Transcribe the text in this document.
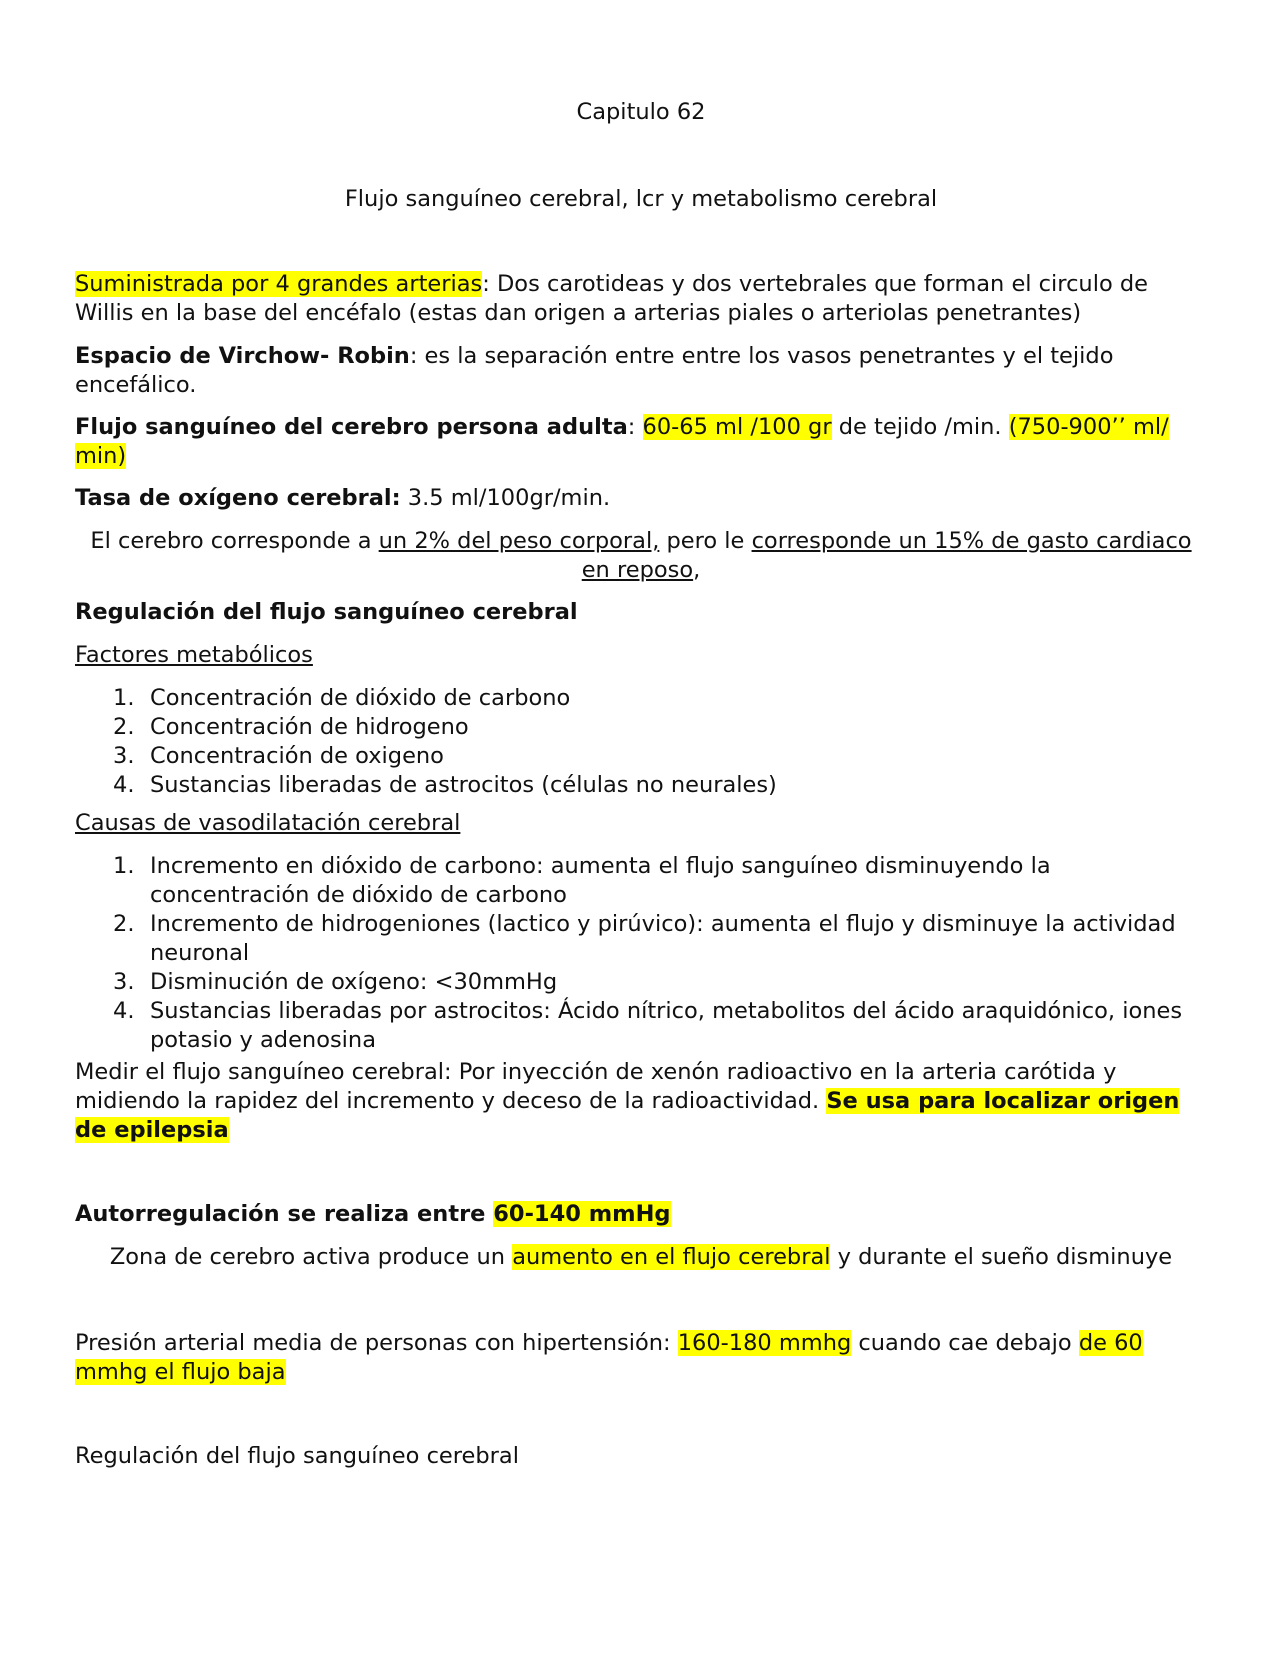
Capitulo 62

Flujo sanguíneo cerebral, lcr y metabolismo cerebral

Suministrada por 4 grandes arterias: Dos carotideas y dos vertebrales que forman el circulo de Willis en la base del encéfalo (estas dan origen a arterias piales o arteriolas penetrantes)

Espacio de Virchow- Robin: es la separación entre entre los vasos penetrantes y el tejido encefálico.

Flujo sanguíneo del cerebro persona adulta: 60-65 ml /100 gr de tejido /min. (750-900’’ ml/ min)

Tasa de oxígeno cerebral: 3.5 ml/100gr/min.

El cerebro corresponde a un 2% del peso corporal, pero le corresponde un 15% de gasto cardiaco en reposo,

Regulación del flujo sanguíneo cerebral

Factores metabólicos

1. Concentración de dióxido de carbono
2. Concentración de hidrogeno
3. Concentración de oxigeno
4. Sustancias liberadas de astrocitos (células no neurales)

Causas de vasodilatación cerebral

1. Incremento en dióxido de carbono: aumenta el flujo sanguíneo disminuyendo la concentración de dióxido de carbono
2. Incremento de hidrogeniones (lactico y pirúvico): aumenta el flujo y disminuye la actividad neuronal
3. Disminución de oxígeno: <30mmHg
4. Sustancias liberadas por astrocitos: Ácido nítrico, metabolitos del ácido araquidónico, iones potasio y adenosina

Medir el flujo sanguíneo cerebral: Por inyección de xenón radioactivo en la arteria carótida y midiendo la rapidez del incremento y deceso de la radioactividad. Se usa para localizar origen de epilepsia

Autorregulación se realiza entre 60-140 mmHg

Zona de cerebro activa produce un aumento en el flujo cerebral y durante el sueño disminuye

Presión arterial media de personas con hipertensión: 160-180 mmhg cuando cae debajo de 60 mmhg el flujo baja

Regulación del flujo sanguíneo cerebral
